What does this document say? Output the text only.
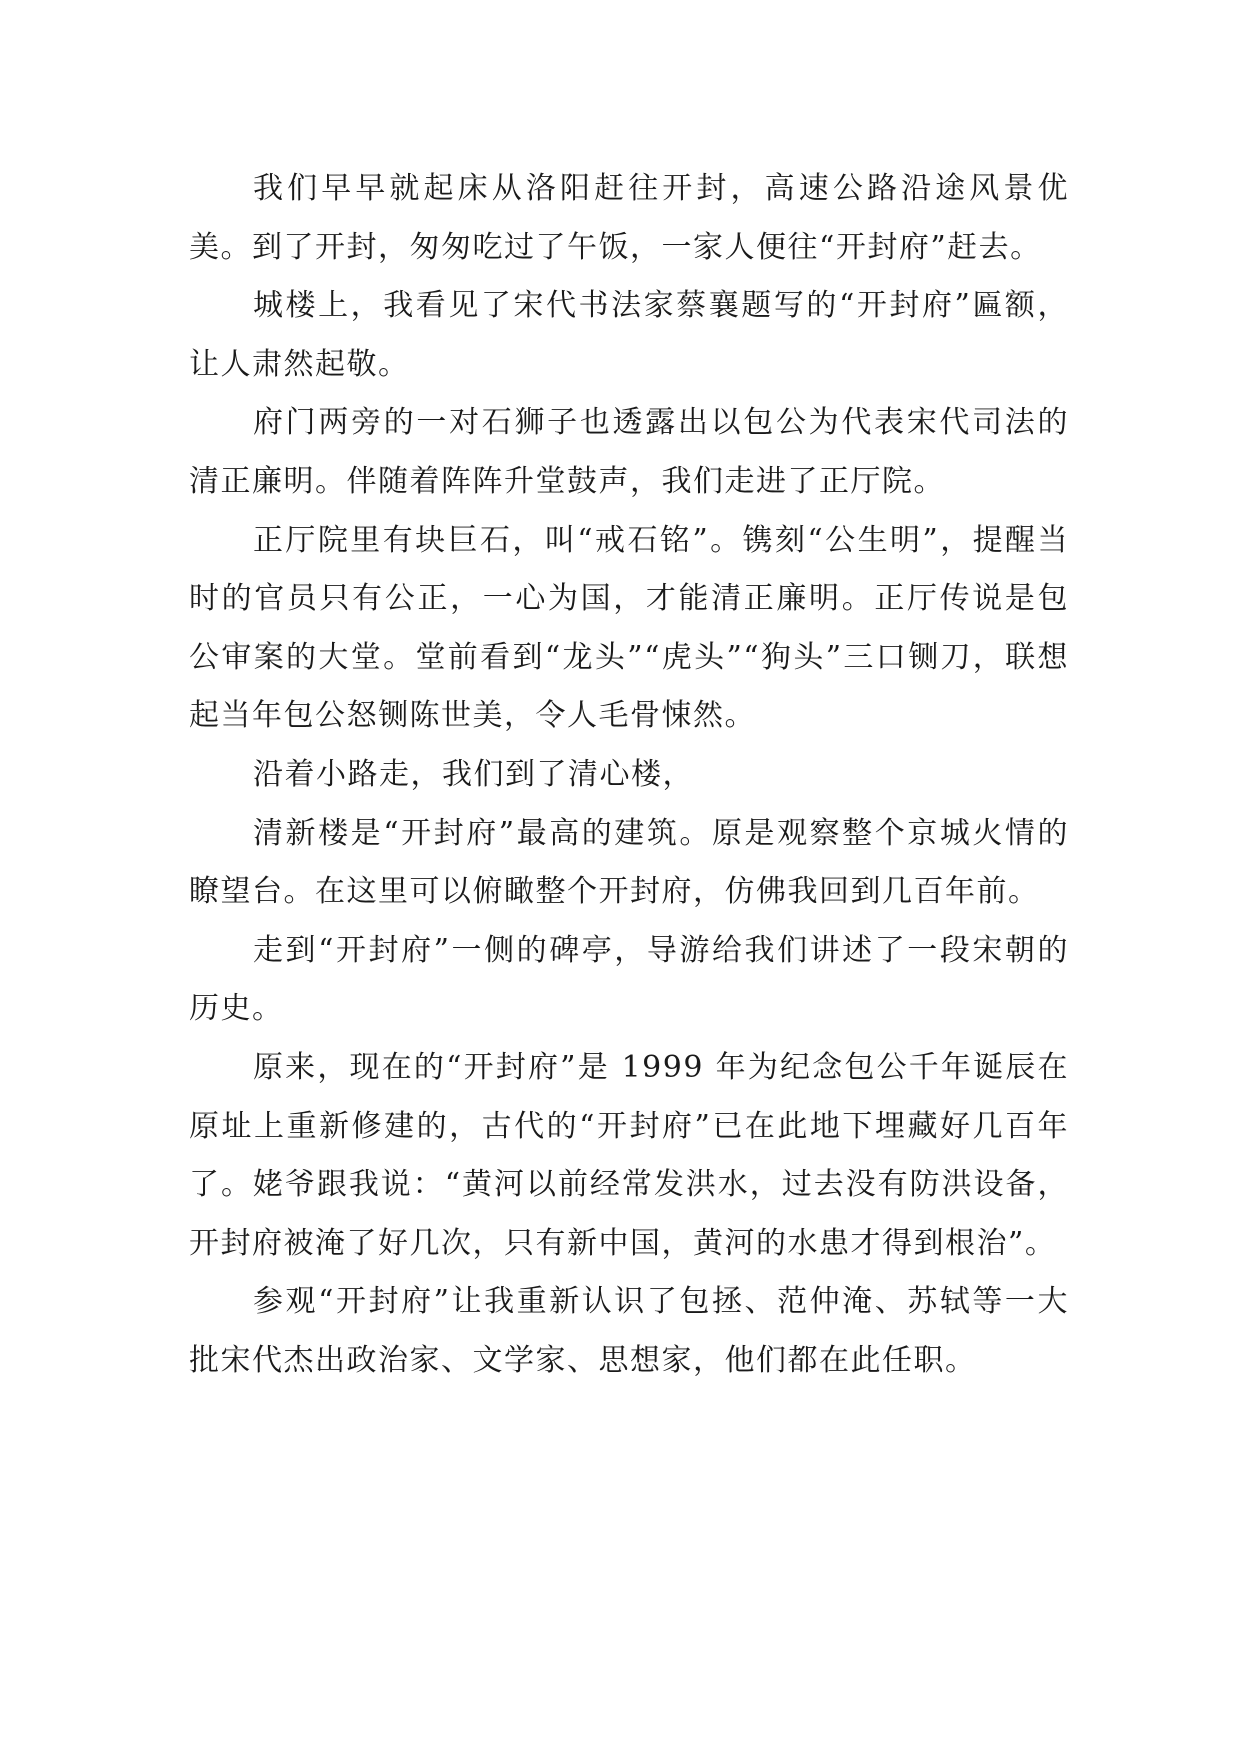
我们早早就起床从洛阳赶往开封，高速公路沿途风景优美。到了开封，匆匆吃过了午饭，一家人便往“开封府”赶去。

城楼上，我看见了宋代书法家蔡襄题写的“开封府”匾额，让人肃然起敬。

府门两旁的一对石狮子也透露出以包公为代表宋代司法的清正廉明。伴随着阵阵升堂鼓声，我们走进了正厅院。

正厅院里有块巨石，叫“戒石铭”。镌刻“公生明”，提醒当时的官员只有公正，一心为国，才能清正廉明。正厅传说是包公审案的大堂。堂前看到“龙头”“虎头”“狗头”三口铡刀，联想起当年包公怒铡陈世美，令人毛骨悚然。

沿着小路走，我们到了清心楼，

清新楼是“开封府”最高的建筑。原是观察整个京城火情的瞭望台。在这里可以俯瞰整个开封府，仿佛我回到几百年前。

走到“开封府”一侧的碑亭，导游给我们讲述了一段宋朝的历史。

原来，现在的“开封府”是 1999 年为纪念包公千年诞辰在原址上重新修建的，古代的“开封府”已在此地下埋藏好几百年了。姥爷跟我说：“黄河以前经常发洪水，过去没有防洪设备，开封府被淹了好几次，只有新中国，黄河的水患才得到根治”。

参观“开封府”让我重新认识了包拯、范仲淹、苏轼等一大批宋代杰出政治家、文学家、思想家，他们都在此任职。
